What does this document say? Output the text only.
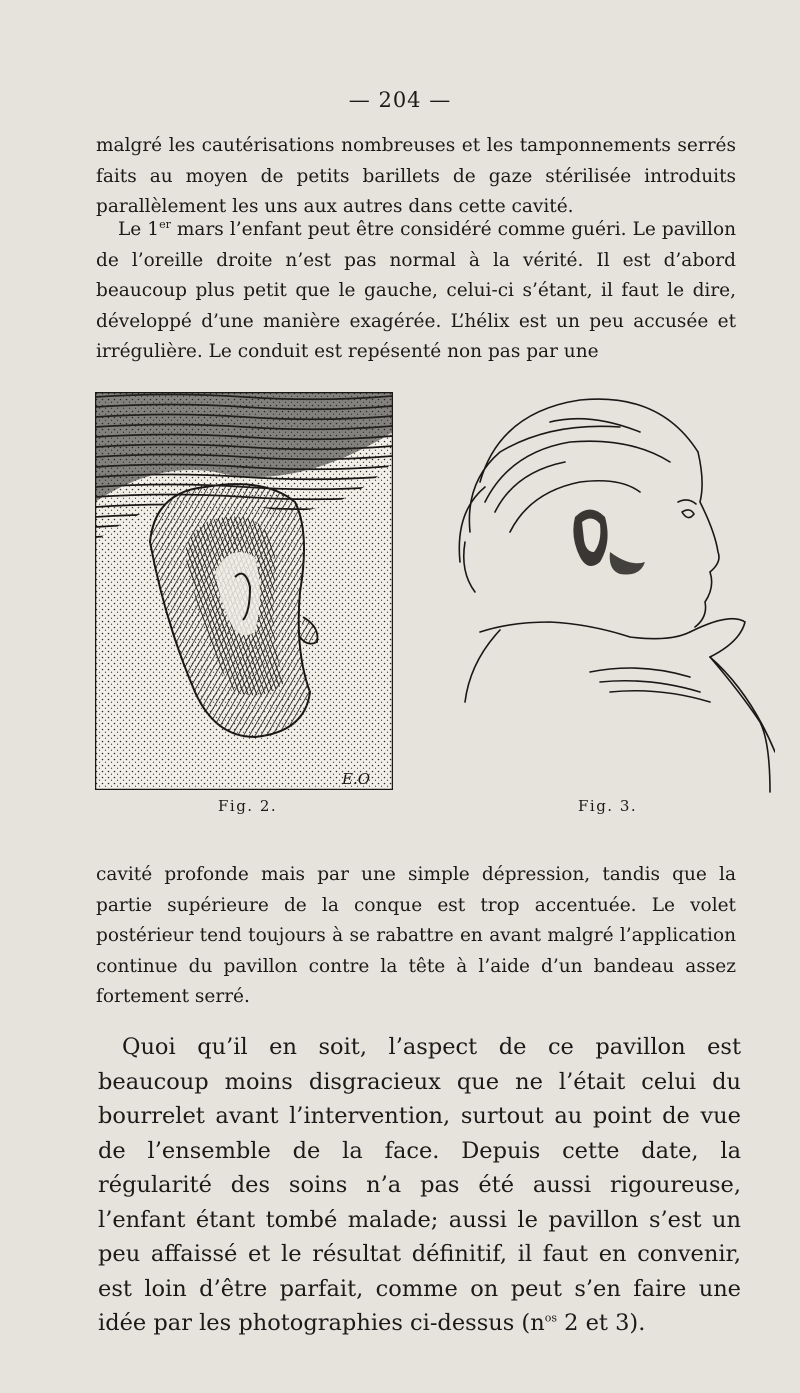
— 204 —

malgré les cautérisations nombreuses et les tamponnements serrés faits au moyen de petits barillets de gaze stérilisée introduits parallèlement les uns aux autres dans cette cavité.

Le 1er mars l’enfant peut être considéré comme guéri. Le pavillon de l’oreille droite n’est pas normal à la vérité. Il est d’abord beaucoup plus petit que le gauche, celui-ci s’étant, il faut le dire, développé d’une manière exagérée. L’hélix est un peu accusée et irrégulière. Le conduit est repésenté non pas par une

E.O
Fig. 2.	Fig. 3.

cavité profonde mais par une simple dépression, tandis que la partie supérieure de la conque est trop accentuée. Le volet postérieur tend toujours à se rabattre en avant malgré l’application continue du pavillon contre la tête à l’aide d’un bandeau assez fortement serré.

Quoi qu’il en soit, l’aspect de ce pavillon est beaucoup moins disgracieux que ne l’était celui du bourrelet avant l’intervention, surtout au point de vue de l’ensemble de la face. Depuis cette date, la régularité des soins n’a pas été aussi rigoureuse, l’enfant étant tombé malade; aussi le pavillon s’est un peu affaissé et le résultat définitif, il faut en convenir, est loin d’être parfait, comme on peut s’en faire une idée par les photographies ci-dessus ($n^{os}$ 2 et 3).
